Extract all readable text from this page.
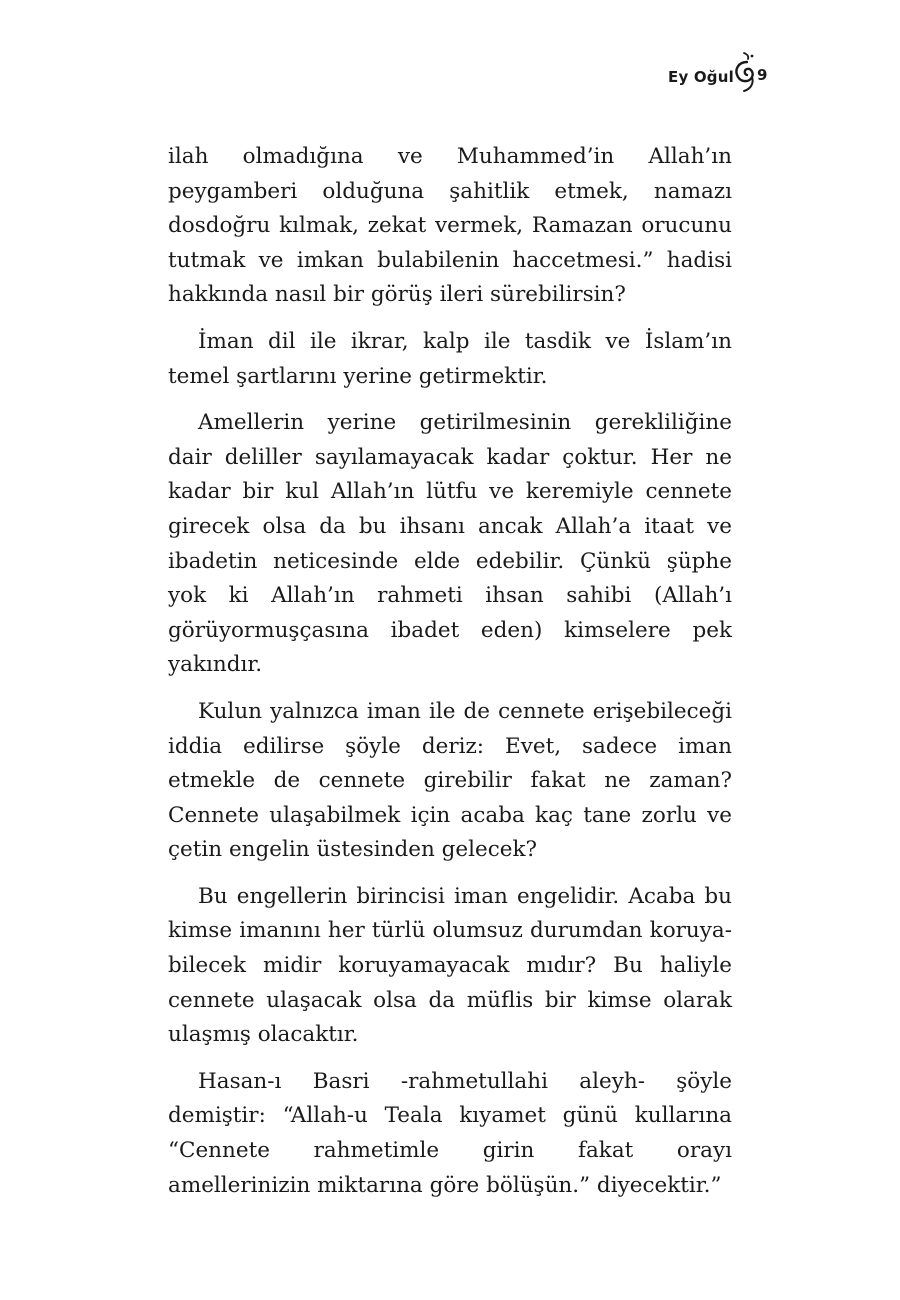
Ey Oğul 9

ilah olmadığına ve Muhammed’in Allah’ın peygamberi olduğuna şahitlik etmek, namazı dosdoğru kılmak, zekat vermek, Ramazan orucunu tutmak ve imkan bulabilenin haccetmesi.” hadisi hakkında nasıl bir görüş ileri sürebilirsin?

İman dil ile ikrar, kalp ile tasdik ve İslam’ın temel şartlarını yerine getirmektir.

Amellerin yerine getirilmesinin gerekliliğine dair deliller sayılamayacak kadar çoktur. Her ne kadar bir kul Allah’ın lütfu ve keremiyle cennete girecek olsa da bu ihsanı ancak Allah’a itaat ve ibadetin neticesinde elde edebilir. Çünkü şüphe yok ki Allah’ın rahmeti ihsan sahibi (Allah’ı görüyormuşçasına ibadet eden) kimselere pek yakındır.

Kulun yalnızca iman ile de cennete erişebileceği iddia edilirse şöyle deriz: Evet, sadece iman etmekle de cennete girebilir fakat ne zaman? Cennete ulaşabilmek için acaba kaç tane zorlu ve çetin engelin üstesinden gelecek?

Bu engellerin birincisi iman engelidir. Acaba bu kimse imanını her türlü olumsuz durumdan koruyabilecek midir koruyamayacak mıdır? Bu haliyle cennete ulaşacak olsa da müflis bir kimse olarak ulaşmış olacaktır.

Hasan-ı Basri -rahmetullahi aleyh- şöyle demiştir: “Allah-u Teala kıyamet günü kullarına “Cennete rahmetimle girin fakat orayı amellerinizin miktarına göre bölüşün.” diyecektir.”
